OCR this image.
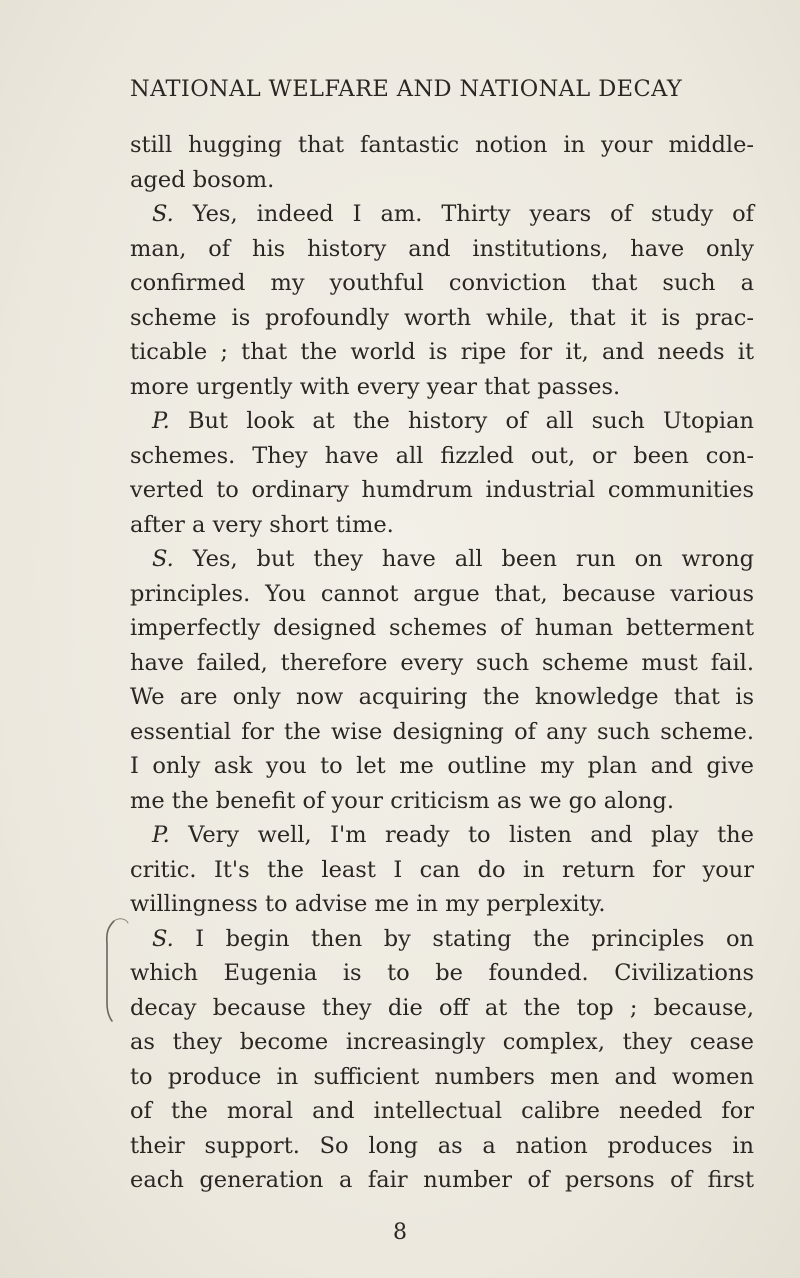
NATIONAL WELFARE AND NATIONAL DECAY
still hugging that fantastic notion in your middle-
aged bosom.
S. Yes, indeed I am. Thirty years of study of
man, of his history and institutions, have only
confirmed my youthful conviction that such a
scheme is profoundly worth while, that it is prac-
ticable ; that the world is ripe for it, and needs it
more urgently with every year that passes.
P. But look at the history of all such Utopian
schemes. They have all fizzled out, or been con-
verted to ordinary humdrum industrial communities
after a very short time.
S. Yes, but they have all been run on wrong
principles. You cannot argue that, because various
imperfectly designed schemes of human betterment
have failed, therefore every such scheme must fail.
We are only now acquiring the knowledge that is
essential for the wise designing of any such scheme.
I only ask you to let me outline my plan and give
me the benefit of your criticism as we go along.
P. Very well, I'm ready to listen and play the
critic. It's the least I can do in return for your
willingness to advise me in my perplexity.
S. I begin then by stating the principles on
which Eugenia is to be founded. Civilizations
decay because they die off at the top ; because,
as they become increasingly complex, they cease
to produce in sufficient numbers men and women
of the moral and intellectual calibre needed for
their support. So long as a nation produces in
each generation a fair number of persons of first
8
